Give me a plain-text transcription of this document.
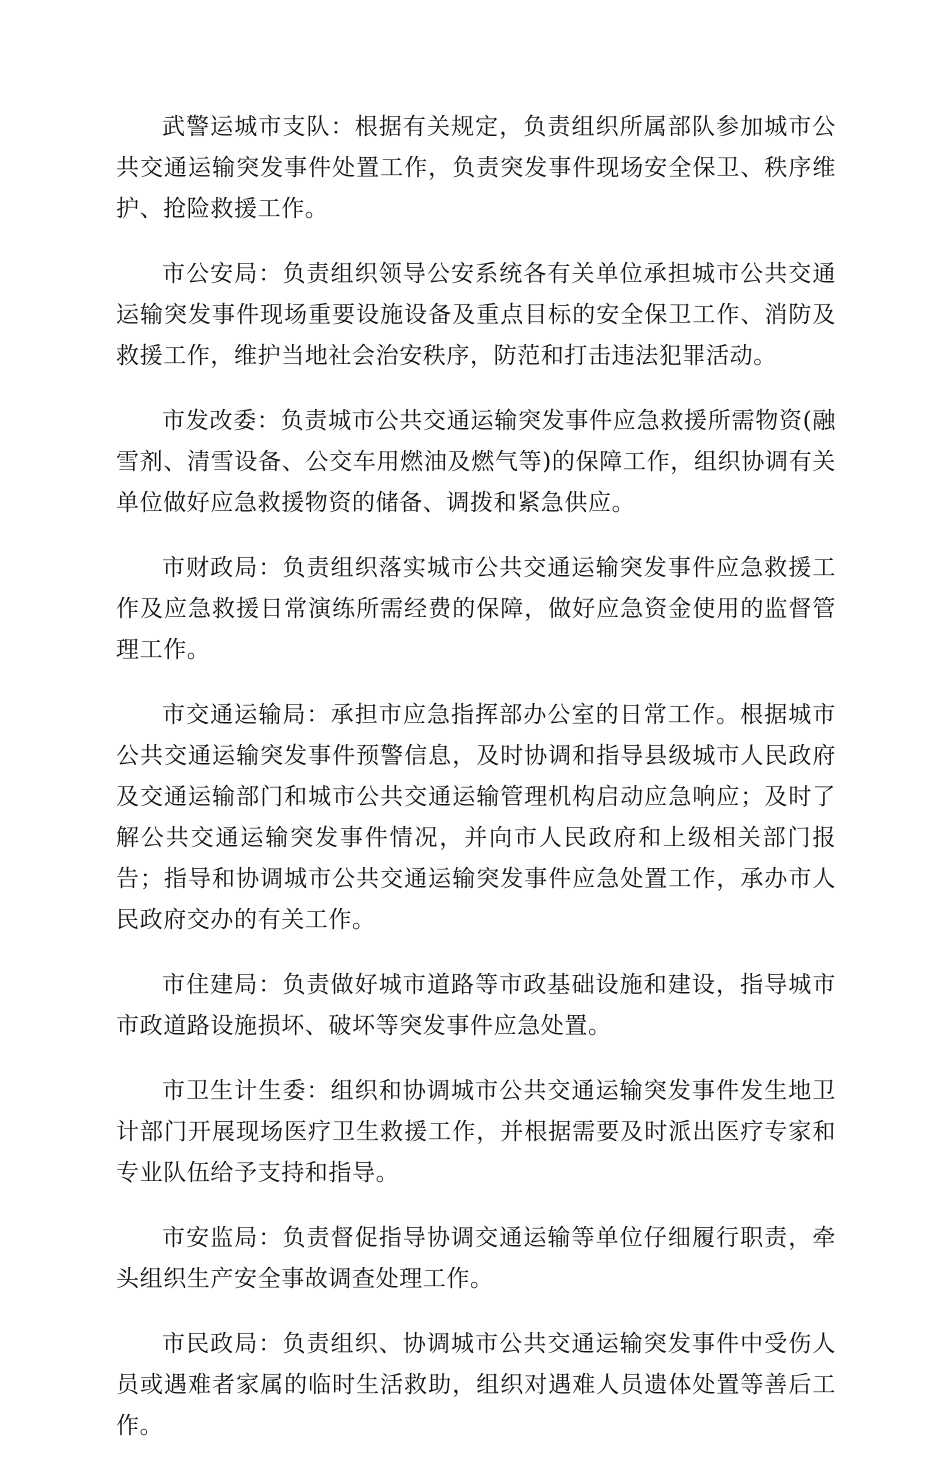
武警运城市支队：根据有关规定，负责组织所属部队参加城市公共交通运输突发事件处置工作，负责突发事件现场安全保卫、秩序维护、抢险救援工作。

市公安局：负责组织领导公安系统各有关单位承担城市公共交通运输突发事件现场重要设施设备及重点目标的安全保卫工作、消防及救援工作，维护当地社会治安秩序，防范和打击违法犯罪活动。

市发改委：负责城市公共交通运输突发事件应急救援所需物资(融雪剂、清雪设备、公交车用燃油及燃气等)的保障工作，组织协调有关单位做好应急救援物资的储备、调拨和紧急供应。

市财政局：负责组织落实城市公共交通运输突发事件应急救援工作及应急救援日常演练所需经费的保障，做好应急资金使用的监督管理工作。

市交通运输局：承担市应急指挥部办公室的日常工作。根据城市公共交通运输突发事件预警信息，及时协调和指导县级城市人民政府及交通运输部门和城市公共交通运输管理机构启动应急响应；及时了解公共交通运输突发事件情况，并向市人民政府和上级相关部门报告；指导和协调城市公共交通运输突发事件应急处置工作，承办市人民政府交办的有关工作。

市住建局：负责做好城市道路等市政基础设施和建设，指导城市市政道路设施损坏、破坏等突发事件应急处置。

市卫生计生委：组织和协调城市公共交通运输突发事件发生地卫计部门开展现场医疗卫生救援工作，并根据需要及时派出医疗专家和专业队伍给予支持和指导。

市安监局：负责督促指导协调交通运输等单位仔细履行职责，牵头组织生产安全事故调查处理工作。

市民政局：负责组织、协调城市公共交通运输突发事件中受伤人员或遇难者家属的临时生活救助，组织对遇难人员遗体处置等善后工作。
